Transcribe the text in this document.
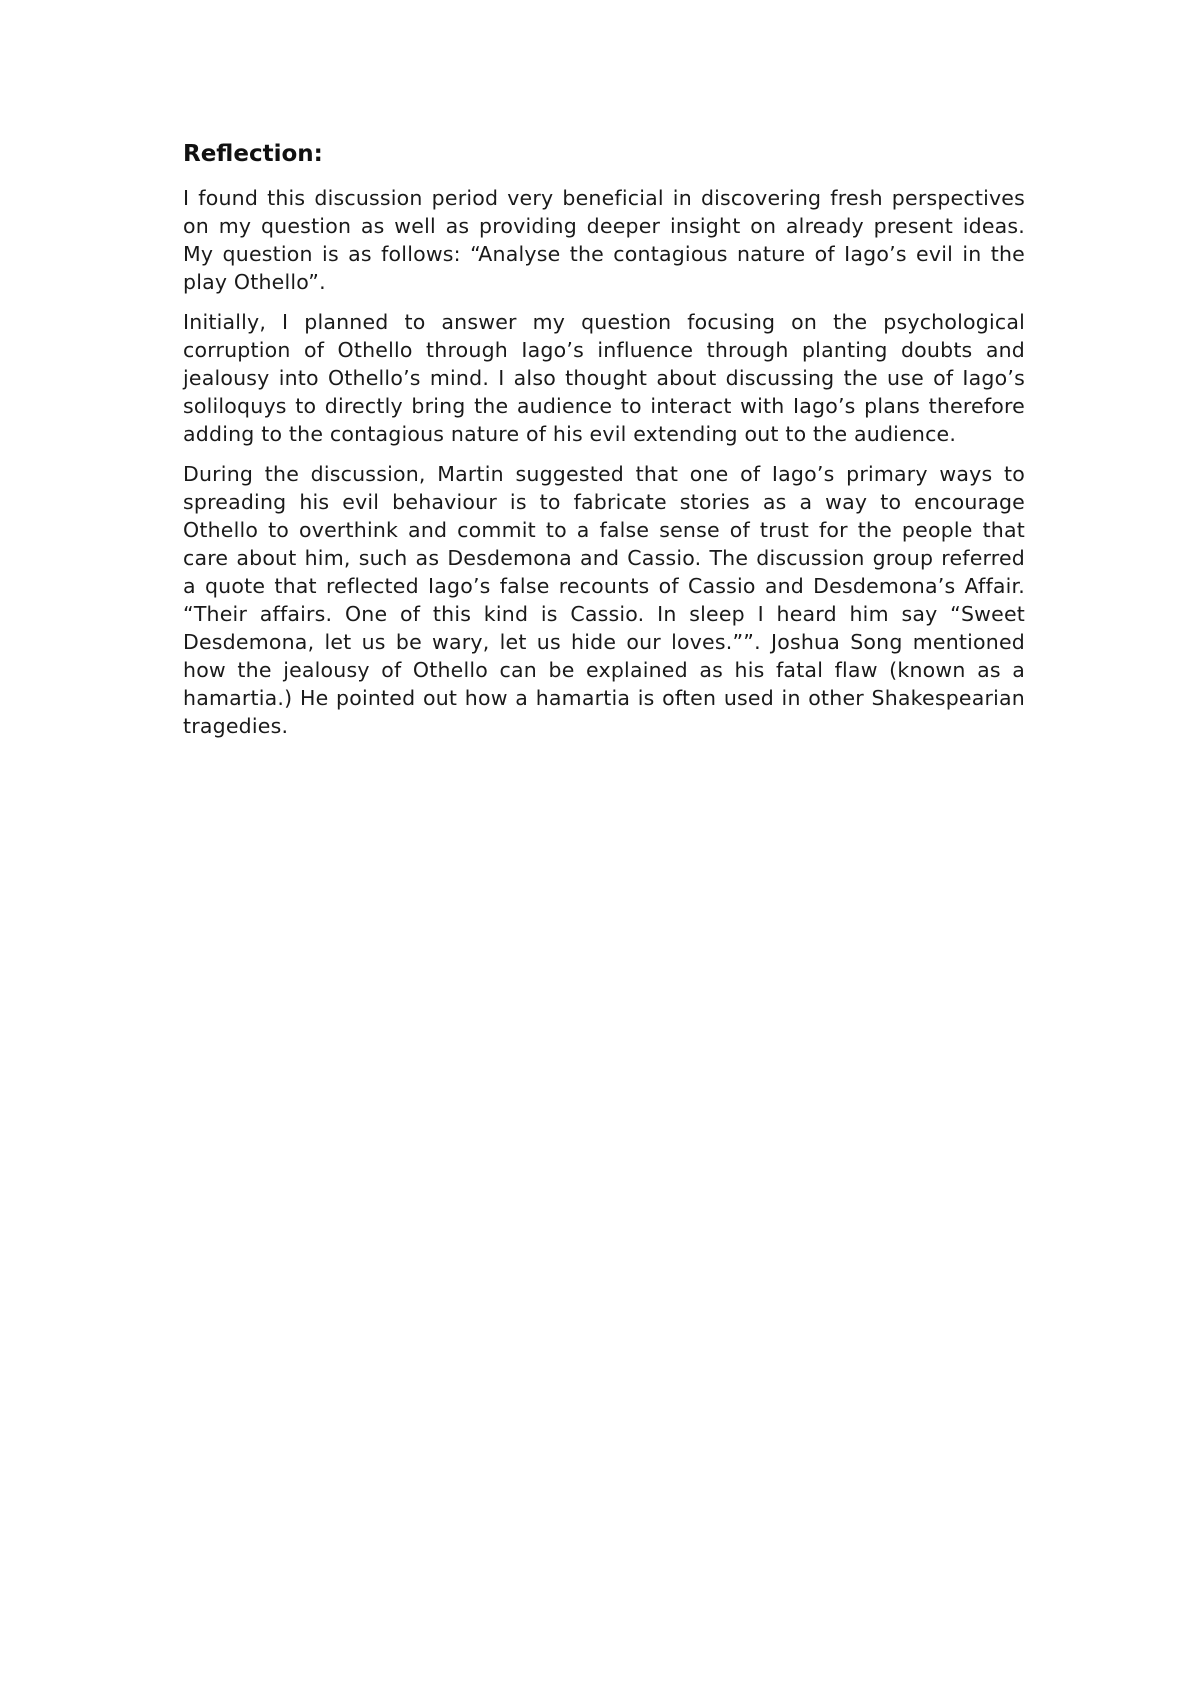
Reflection:

I found this discussion period very beneficial in discovering fresh perspectives on my question as well as providing deeper insight on already present ideas. My question is as follows: “Analyse the contagious nature of Iago’s evil in the play Othello”.

Initially, I planned to answer my question focusing on the psychological corruption of Othello through Iago’s influence through planting doubts and jealousy into Othello’s mind. I also thought about discussing the use of Iago’s soliloquys to directly bring the audience to interact with Iago’s plans therefore adding to the contagious nature of his evil extending out to the audience.

During the discussion, Martin suggested that one of Iago’s primary ways to spreading his evil behaviour is to fabricate stories as a way to encourage Othello to overthink and commit to a false sense of trust for the people that care about him, such as Desdemona and Cassio. The discussion group referred a quote that reflected Iago’s false recounts of Cassio and Desdemona’s Affair. “Their affairs. One of this kind is Cassio. In sleep I heard him say “Sweet Desdemona, let us be wary, let us hide our loves.””. Joshua Song mentioned how the jealousy of Othello can be explained as his fatal flaw (known as a hamartia.) He pointed out how a hamartia is often used in other Shakespearian tragedies.
